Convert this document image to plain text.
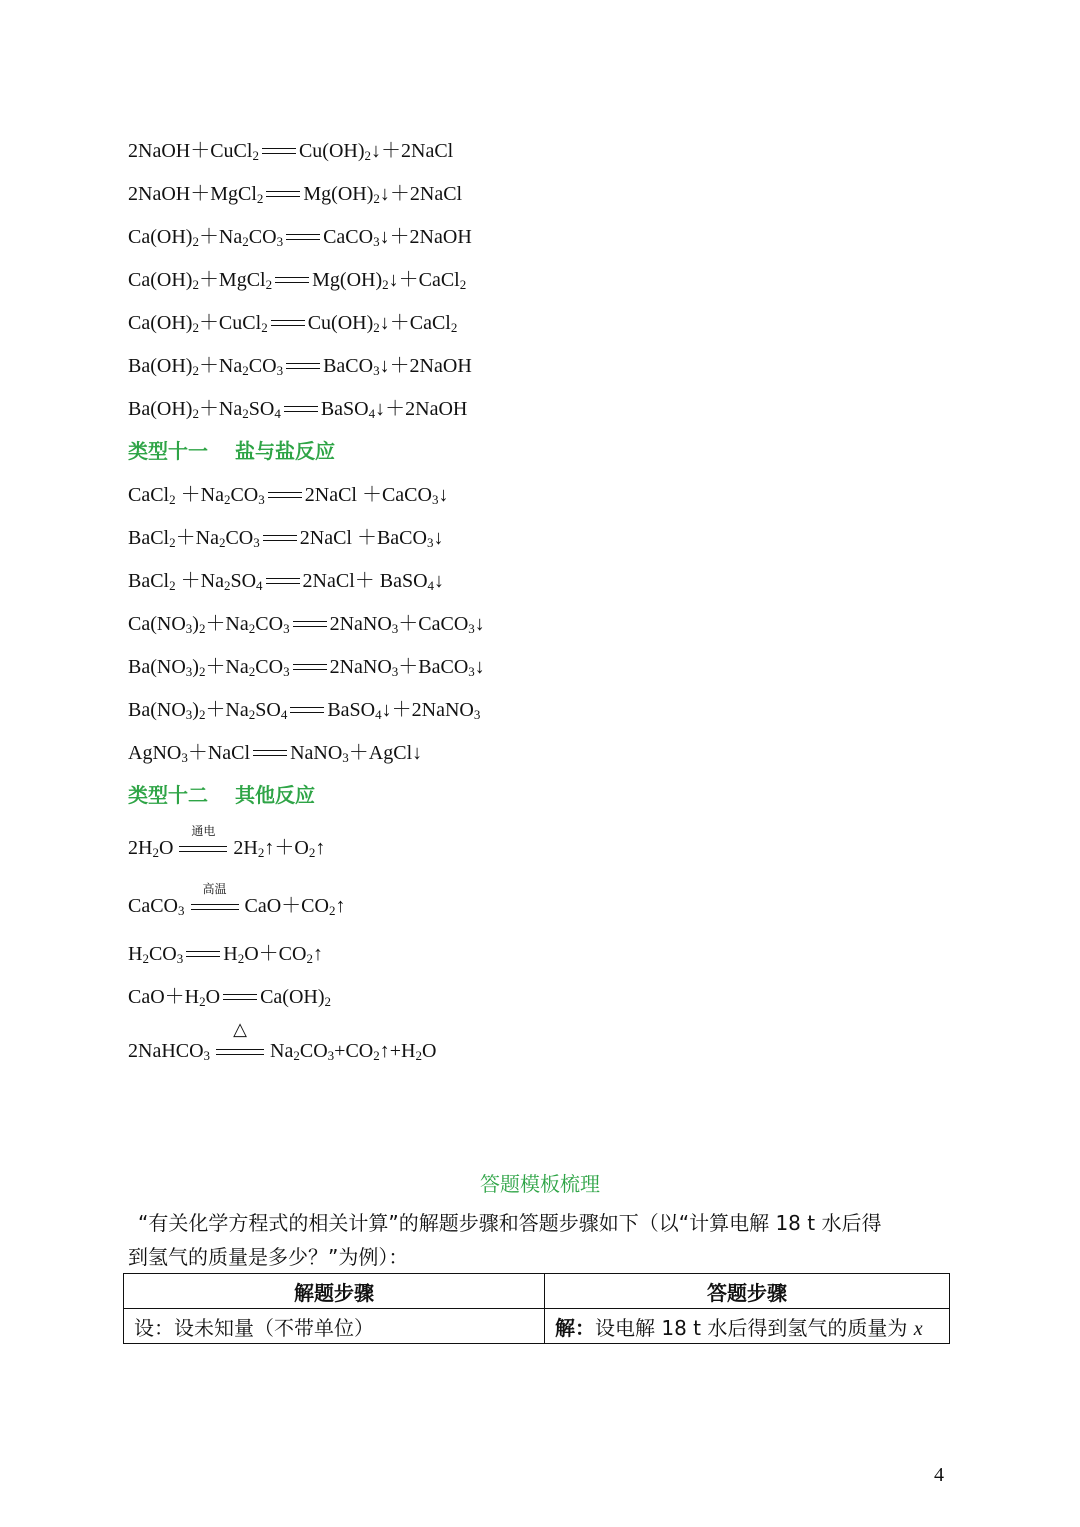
2NaOH＋CuCl$_2$ $Cu(OH)_2↓+2NaCl$
2NaOH＋MgCl$_2$ $Mg(OH)_2↓+2NaCl$
$Ca(OH)_2+Na_2CO_3$ CaCO$_3$↓＋2NaOH
$Ca(OH)_2+MgCl_2$ $Mg(OH)_2↓+CaCl_2$
$Ca(OH)_2+CuCl_2$ $Cu(OH)_2↓+CaCl_2$
$Ba(OH)_2+Na_2CO_3$ BaCO$_3$↓＋2NaOH
$Ba(OH)_2+Na_2SO_4$ BaSO$_4$↓＋2NaOH
类型十一　 盐与盐反应
CaCl$_2$ $+Na_2CO_3$ 2NaCl ＋CaCO$_3$↓
$BaCl_2+Na_2CO_3$ 2NaCl ＋BaCO$_3$↓
BaCl$_2$ $+Na_2SO_4$ 2NaCl＋ BaSO$_4$↓
$Ca(NO_3)_2+Na_2CO_3$ 2NaNO$_3$＋CaCO$_3$↓
$Ba(NO_3)_2+Na_2CO_3$ 2NaNO$_3$＋BaCO$_3$↓
$Ba(NO_3)_2+Na_2SO_4$ BaSO$_4$↓＋2NaNO$_3$
AgNO$_3$＋NaCl NaNO$_3$＋AgCl↓
类型十二　 其他反应
$2H_2O$
通电
$2H_2↑+O_2↑$
CaCO$_3$
高温
$CaO+CO_2↑$
$H_2CO_3$ $H_2O+CO_2↑$
$CaO+H_2O$ $Ca(OH)_2$
2NaHCO$_3$
△
$Na_2CO_3+CO_2↑+H_2O$
答题模板梳理
“有关化学方程式的相关计算”的解题步骤和答题步骤如下（以“计算电解 18 t 水后得
到氢气的质量是多少？”为例）：
解题步骤	答题步骤
设：设未知量（不带单位）	解：设电解 18 t 水后得到氢气的质量为 x
4
